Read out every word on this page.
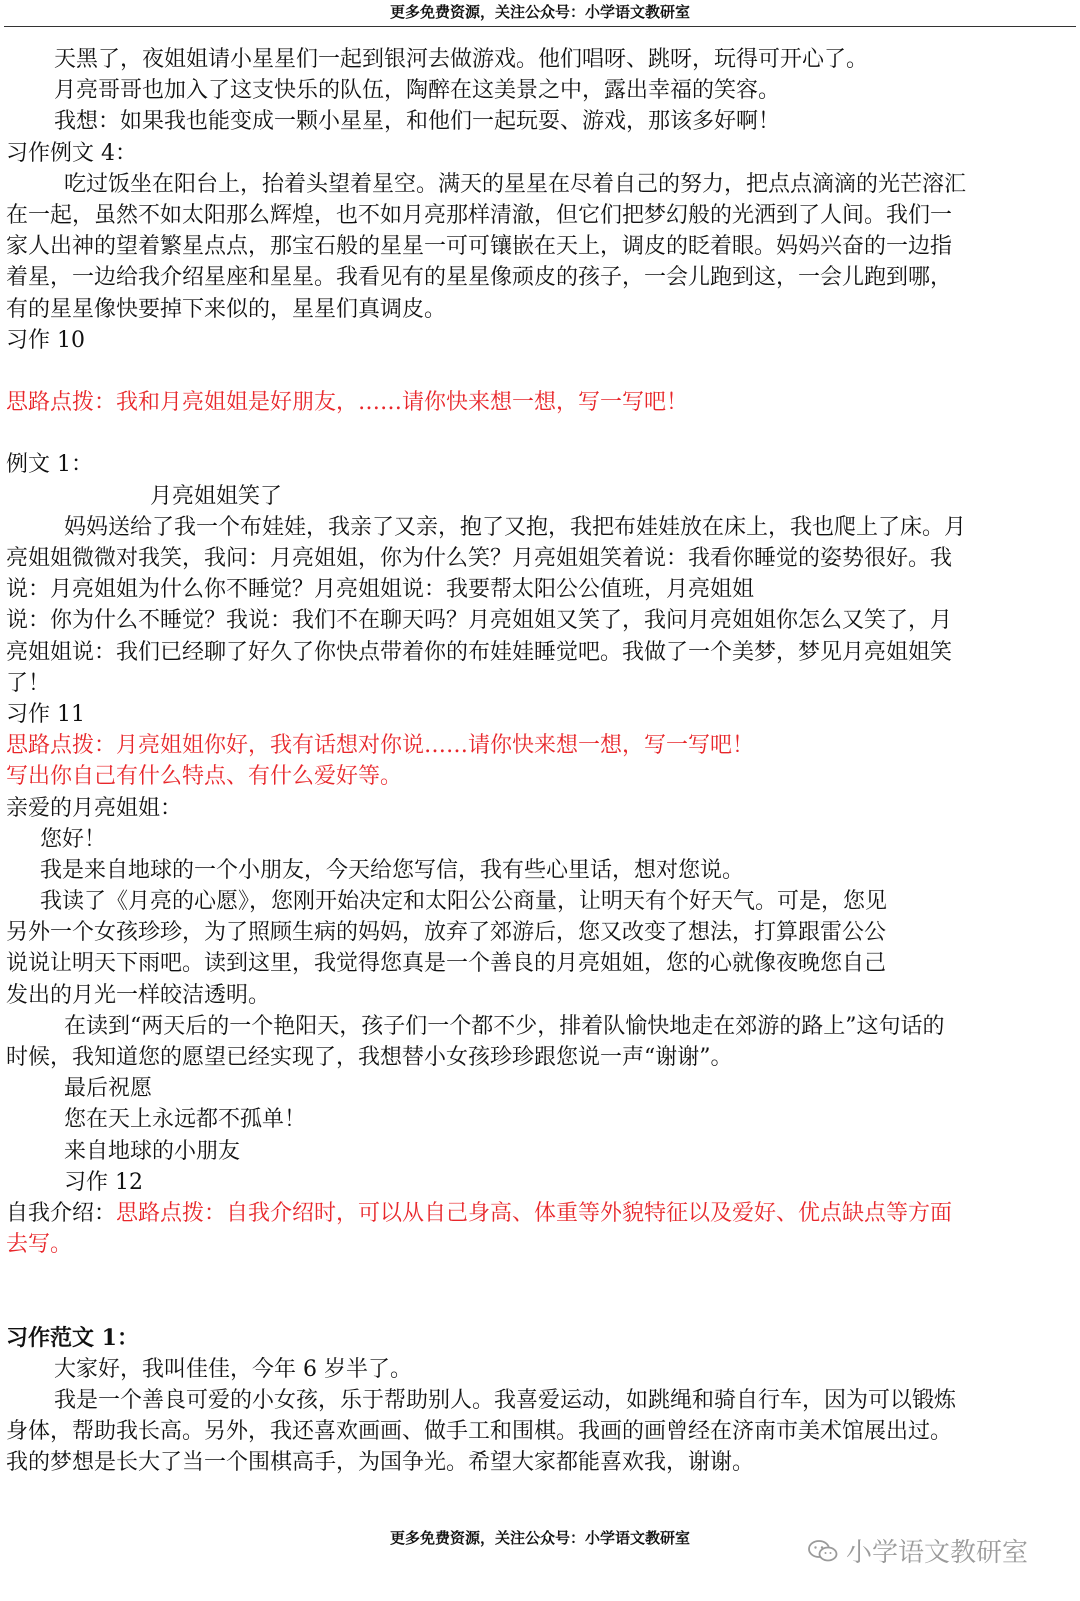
更多免费资源，关注公众号：小学语文教研室
天黑了，夜姐姐请小星星们一起到银河去做游戏。他们唱呀、跳呀，玩得可开心了。
月亮哥哥也加入了这支快乐的队伍，陶醉在这美景之中，露出幸福的笑容。
我想：如果我也能变成一颗小星星，和他们一起玩耍、游戏，那该多好啊！
习作例文 4：
吃过饭坐在阳台上，抬着头望着星空。满天的星星在尽着自己的努力，把点点滴滴的光芒溶汇
在一起，虽然不如太阳那么辉煌，也不如月亮那样清澈，但它们把梦幻般的光洒到了人间。我们一
家人出神的望着繁星点点，那宝石般的星星一可可镶嵌在天上，调皮的眨着眼。妈妈兴奋的一边指
着星，一边给我介绍星座和星星。我看见有的星星像顽皮的孩子，一会儿跑到这，一会儿跑到哪，
有的星星像快要掉下来似的，星星们真调皮。
习作 10
思路点拨：我和月亮姐姐是好朋友，……请你快来想一想，写一写吧！
例文 1：
月亮姐姐笑了
妈妈送给了我一个布娃娃，我亲了又亲，抱了又抱，我把布娃娃放在床上，我也爬上了床。月
亮姐姐微微对我笑，我问：月亮姐姐，你为什么笑？月亮姐姐笑着说：我看你睡觉的姿势很好。我
说：月亮姐姐为什么你不睡觉？月亮姐姐说：我要帮太阳公公值班，月亮姐姐
说：你为什么不睡觉？我说：我们不在聊天吗？月亮姐姐又笑了，我问月亮姐姐你怎么又笑了，月
亮姐姐说：我们已经聊了好久了你快点带着你的布娃娃睡觉吧。我做了一个美梦，梦见月亮姐姐笑
了！
习作 11
思路点拨：月亮姐姐你好，我有话想对你说……请你快来想一想，写一写吧！
写出你自己有什么特点、有什么爱好等。
亲爱的月亮姐姐：
您好！
我是来自地球的一个小朋友，今天给您写信，我有些心里话，想对您说。
我读了《月亮的心愿》，您刚开始决定和太阳公公商量，让明天有个好天气。可是，您见
另外一个女孩珍珍，为了照顾生病的妈妈，放弃了郊游后，您又改变了想法，打算跟雷公公
说说让明天下雨吧。读到这里，我觉得您真是一个善良的月亮姐姐，您的心就像夜晚您自己
发出的月光一样皎洁透明。
在读到“两天后的一个艳阳天，孩子们一个都不少，排着队愉快地走在郊游的路上”这句话的
时候，我知道您的愿望已经实现了，我想替小女孩珍珍跟您说一声“谢谢”。
最后祝愿
您在天上永远都不孤单！
来自地球的小朋友
习作 12
自我介绍：思路点拨：自我介绍时，可以从自己身高、体重等外貌特征以及爱好、优点缺点等方面
去写。
习作范文 1：
大家好，我叫佳佳，今年 6 岁半了。
我是一个善良可爱的小女孩，乐于帮助别人。我喜爱运动，如跳绳和骑自行车，因为可以锻炼
身体，帮助我长高。另外，我还喜欢画画、做手工和围棋。我画的画曾经在济南市美术馆展出过。
我的梦想是长大了当一个围棋高手，为国争光。希望大家都能喜欢我，谢谢。
更多免费资源，关注公众号：小学语文教研室	小学语文教研室
